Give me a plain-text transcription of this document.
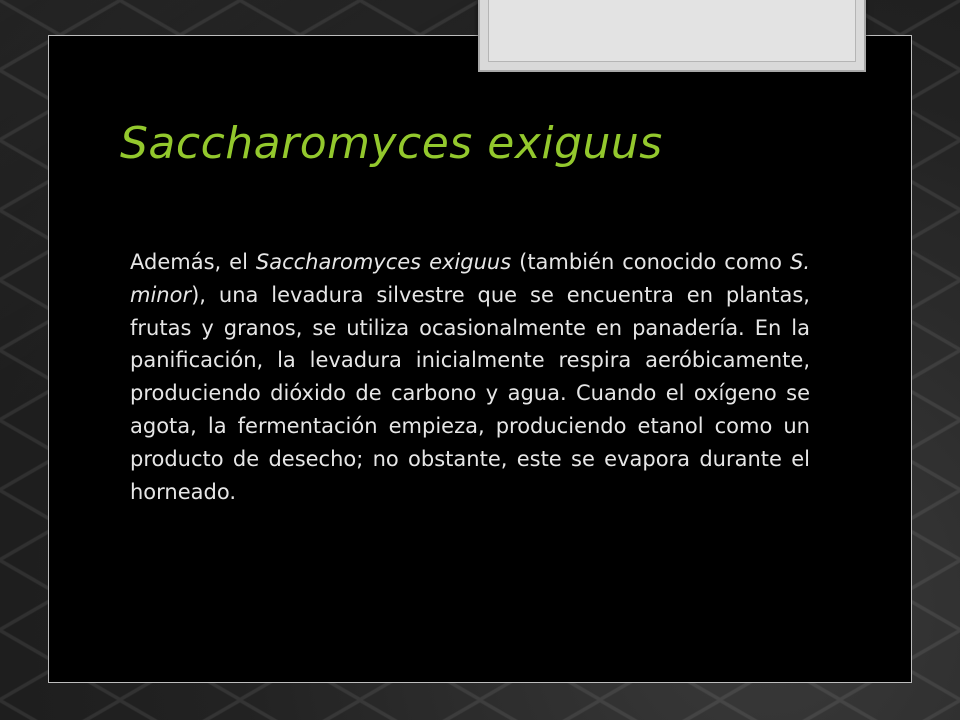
Saccharomyces exiguus

Además, el Saccharomyces exiguus (también conocido como S. minor), una levadura silvestre que se encuentra en plantas, frutas y granos, se utiliza ocasionalmente en panadería. En la panificación, la levadura inicialmente respira aeróbicamente, produciendo dióxido de carbono y agua. Cuando el oxígeno se agota, la fermentación empieza, produciendo etanol como un producto de desecho; no obstante, este se evapora durante el horneado.
